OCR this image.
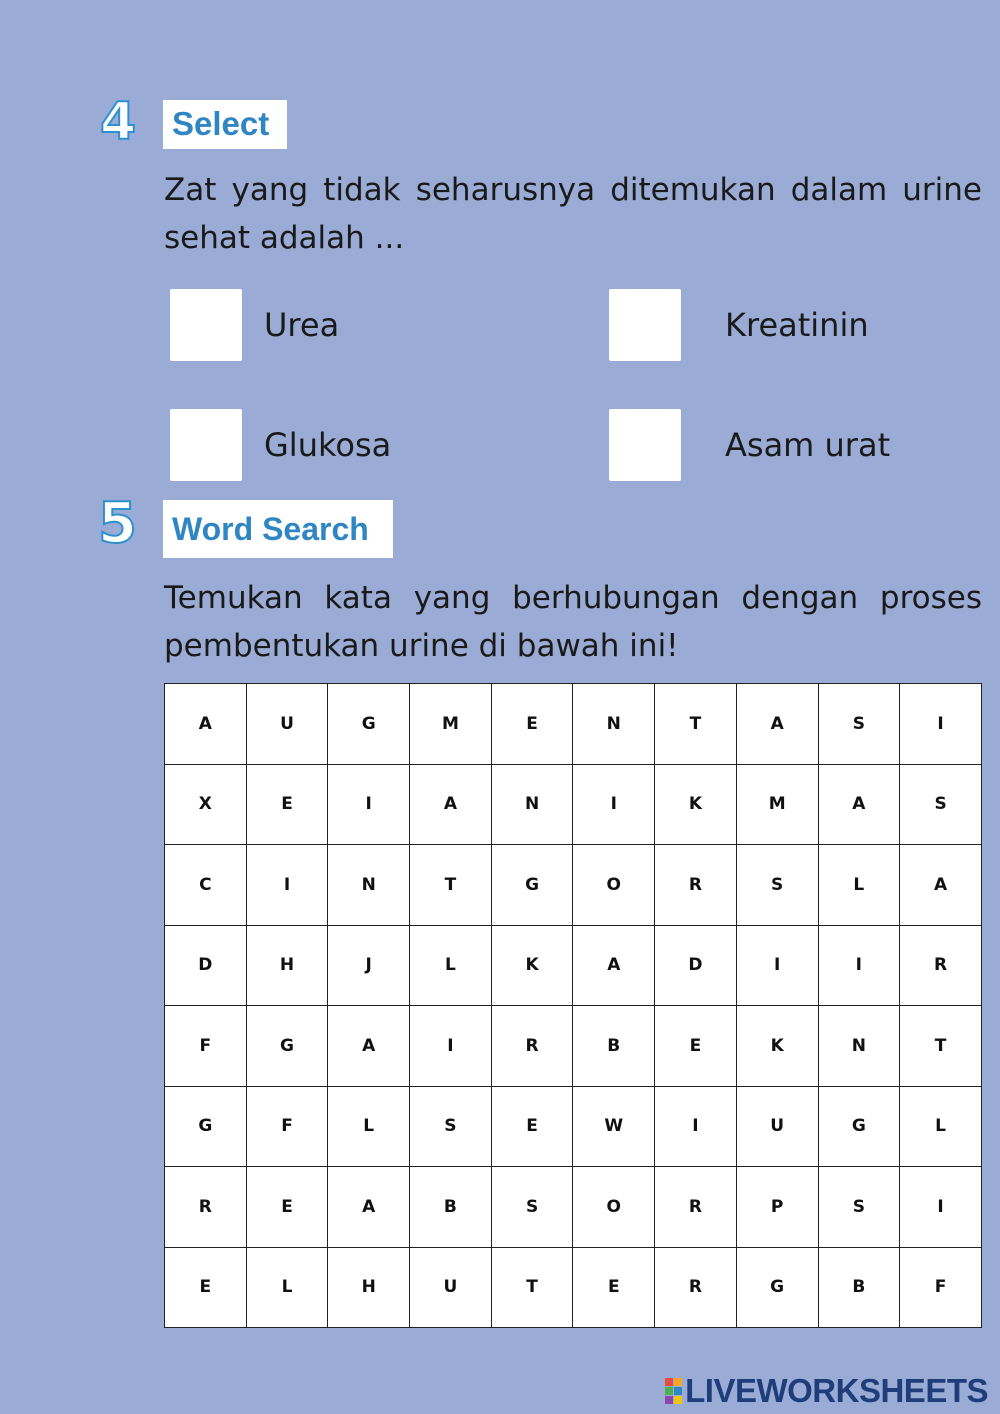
4 Select
Zat yang tidak seharusnya ditemukan dalam urine sehat adalah ...
Urea	Kreatinin
Glukosa	Asam urat
5 Word Search
Temukan kata yang berhubungan dengan proses pembentukan urine di bawah ini!
A	U	G	M	E	N	T	A	S	I
X	E	I	A	N	I	K	M	A	S
C	I	N	T	G	O	R	S	L	A
D	H	J	L	K	A	D	I	I	R
F	G	A	I	R	B	E	K	N	T
G	F	L	S	E	W	I	U	G	L
R	E	A	B	S	O	R	P	S	I
E	L	H	U	T	E	R	G	B	F
LIVEWORKSHEETS
